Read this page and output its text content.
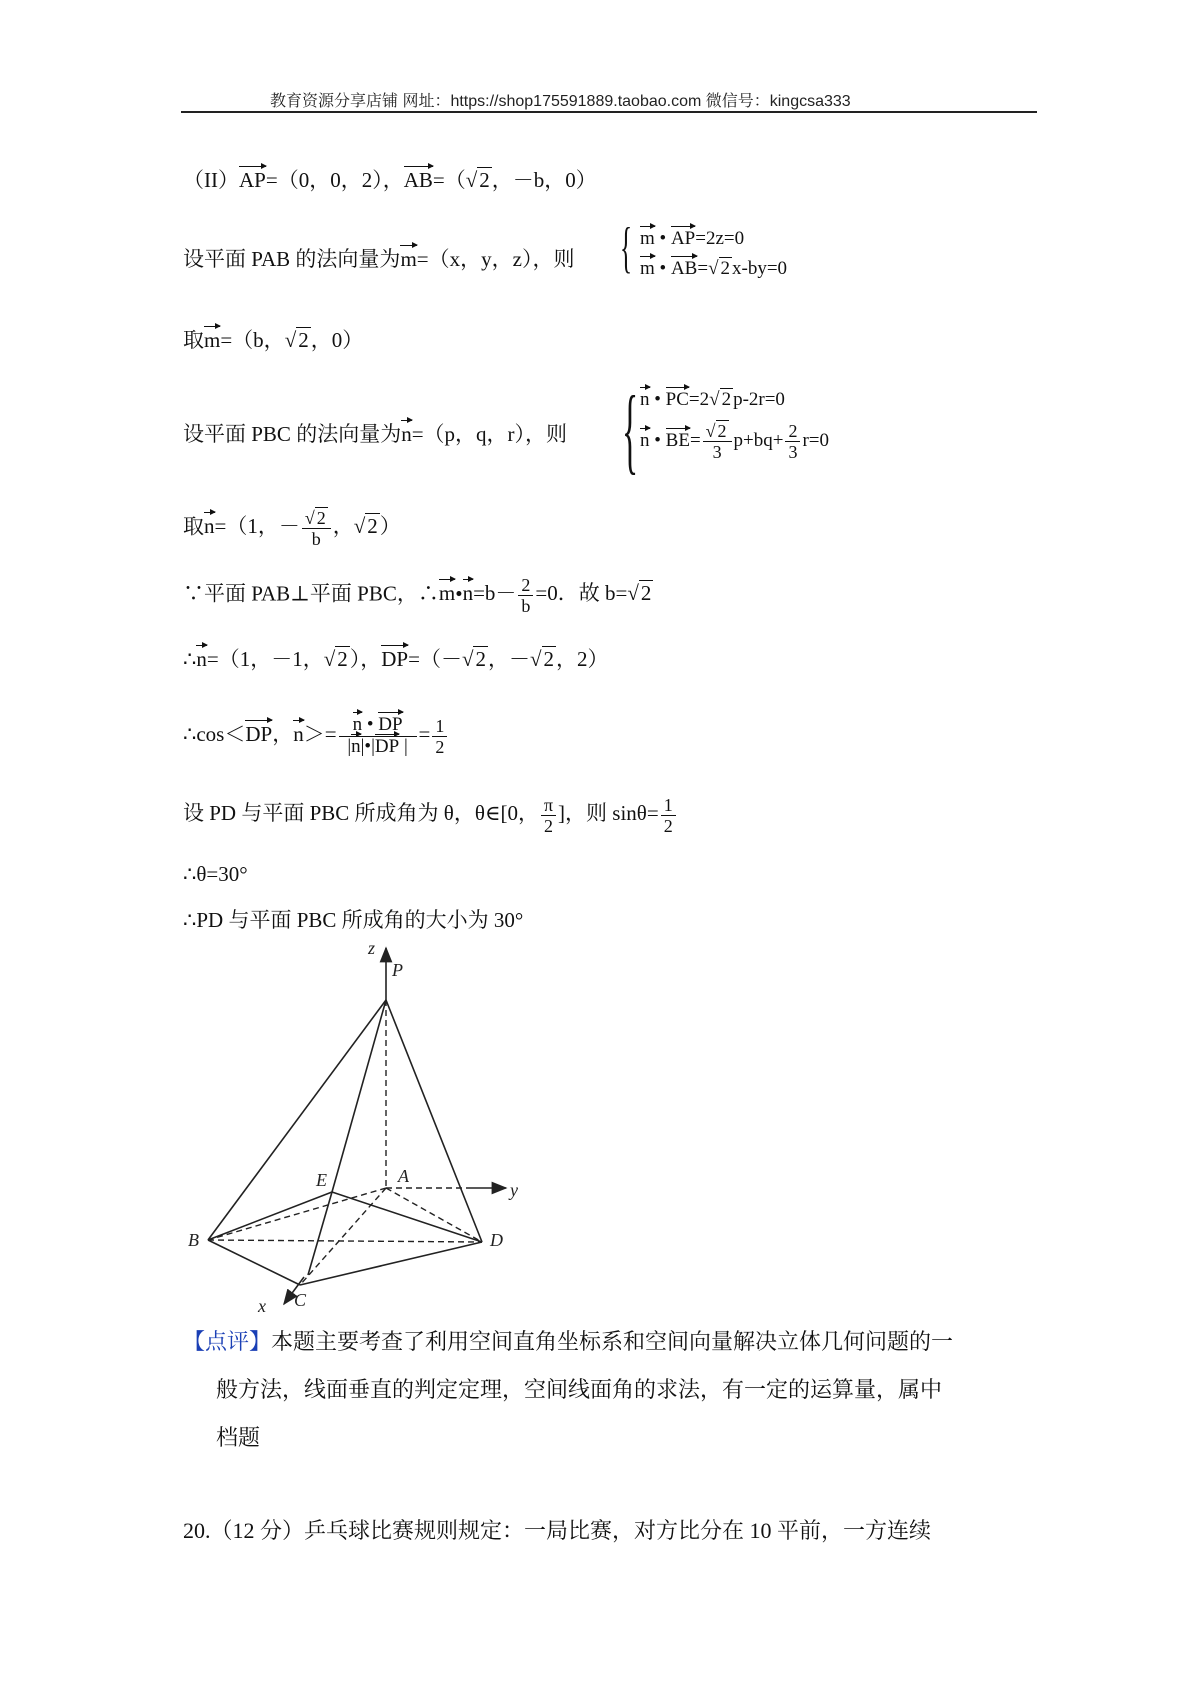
教育资源分享店铺 网址：https://shop175591889.taobao.com 微信号：kingcsa333
（II）AP=（0，0，2），AB=（√2，－b，0）
设平面 PAB 的法向量为m=（x，y，z），则 { m • AP=2z=0
m • AB=√ 2 x-by=0
取m=（b，√2，0）
设平面 PBC 的法向量为n=（p，q，r），则 { n • PC=2√ 2 p-2r=0
n • $BE= \frac{√ 2}{3} p+bq+ \frac{2}{3} r=0$
取n=（1，－ $\frac{√ 2}{b}$ ，√2）
∵平面 PAB⊥平面 PBC，∴m•n=b－ $\frac{2}{b} =0$．故 b=√2
∴n=（1，－1，√2），DP=（－√2，－√2，2）
∴cos＜DP，$n>= \frac{n • DP}{|n|•|DP |} = \frac{1}{2}$
设 PD 与平面 PBC 所成角为 θ，θ∈[0， $\frac{\pi}{2}$ ]，则 $\sin\theta= \frac{1}{2}$
∴θ=30°
∴PD 与平面 PBC 所成角的大小为 30°
z
P
E	A
y
B	D
x C
【点评】本题主要考查了利用空间直角坐标系和空间向量解决立体几何问题的一
般方法，线面垂直的判定定理，空间线面角的求法，有一定的运算量，属中
档题
20.（12 分）乒乓球比赛规则规定：一局比赛，对方比分在 10 平前，一方连续
